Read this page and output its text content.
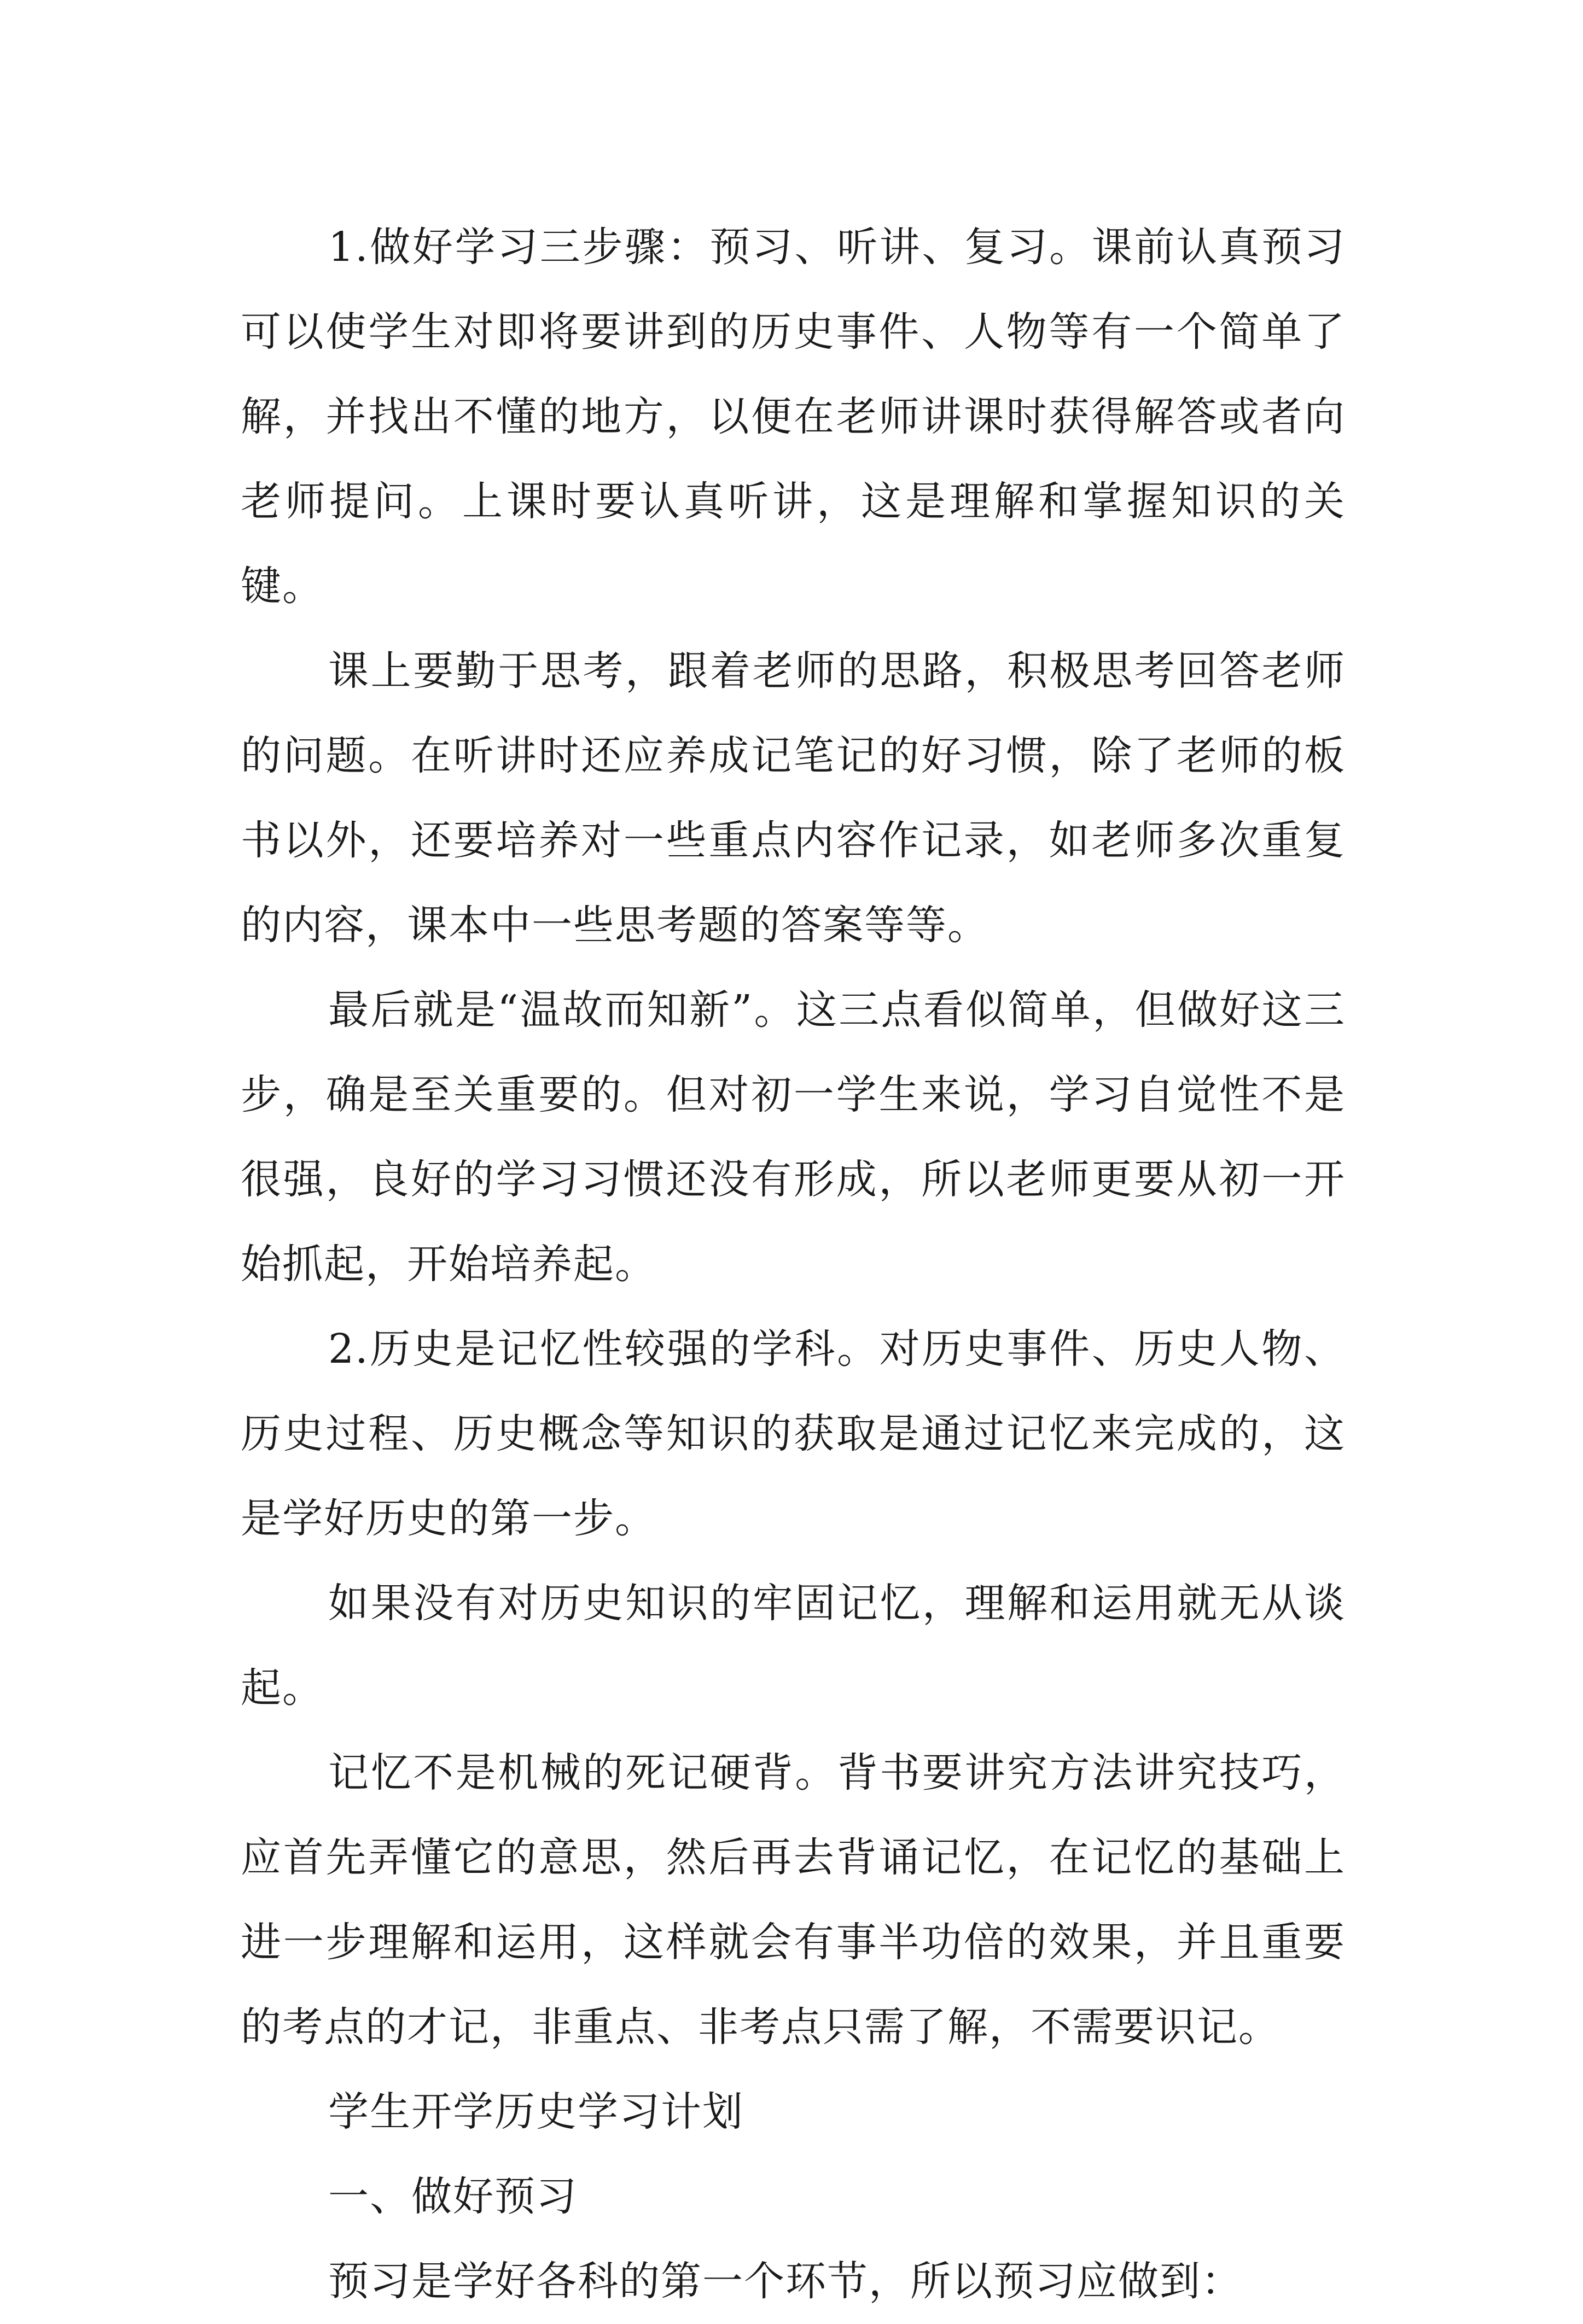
1.做好学习三步骤：预习、听讲、复习。课前认真预习可以使学生对即将要讲到的历史事件、人物等有一个简单了解，并找出不懂的地方，以便在老师讲课时获得解答或者向老师提问。上课时要认真听讲，这是理解和掌握知识的关键。

课上要勤于思考，跟着老师的思路，积极思考回答老师的问题。在听讲时还应养成记笔记的好习惯，除了老师的板书以外，还要培养对一些重点内容作记录，如老师多次重复的内容，课本中一些思考题的答案等等。

最后就是“温故而知新”。这三点看似简单，但做好这三步，确是至关重要的。但对初一学生来说，学习自觉性不是很强，良好的学习习惯还没有形成，所以老师更要从初一开始抓起，开始培养起。

2.历史是记忆性较强的学科。对历史事件、历史人物、历史过程、历史概念等知识的获取是通过记忆来完成的，这是学好历史的第一步。

如果没有对历史知识的牢固记忆，理解和运用就无从谈起。

记忆不是机械的死记硬背。背书要讲究方法讲究技巧，应首先弄懂它的意思，然后再去背诵记忆，在记忆的基础上进一步理解和运用，这样就会有事半功倍的效果，并且重要的考点的才记，非重点、非考点只需了解，不需要识记。

学生开学历史学习计划

一、做好预习

预习是学好各科的第一个环节，所以预习应做到：
